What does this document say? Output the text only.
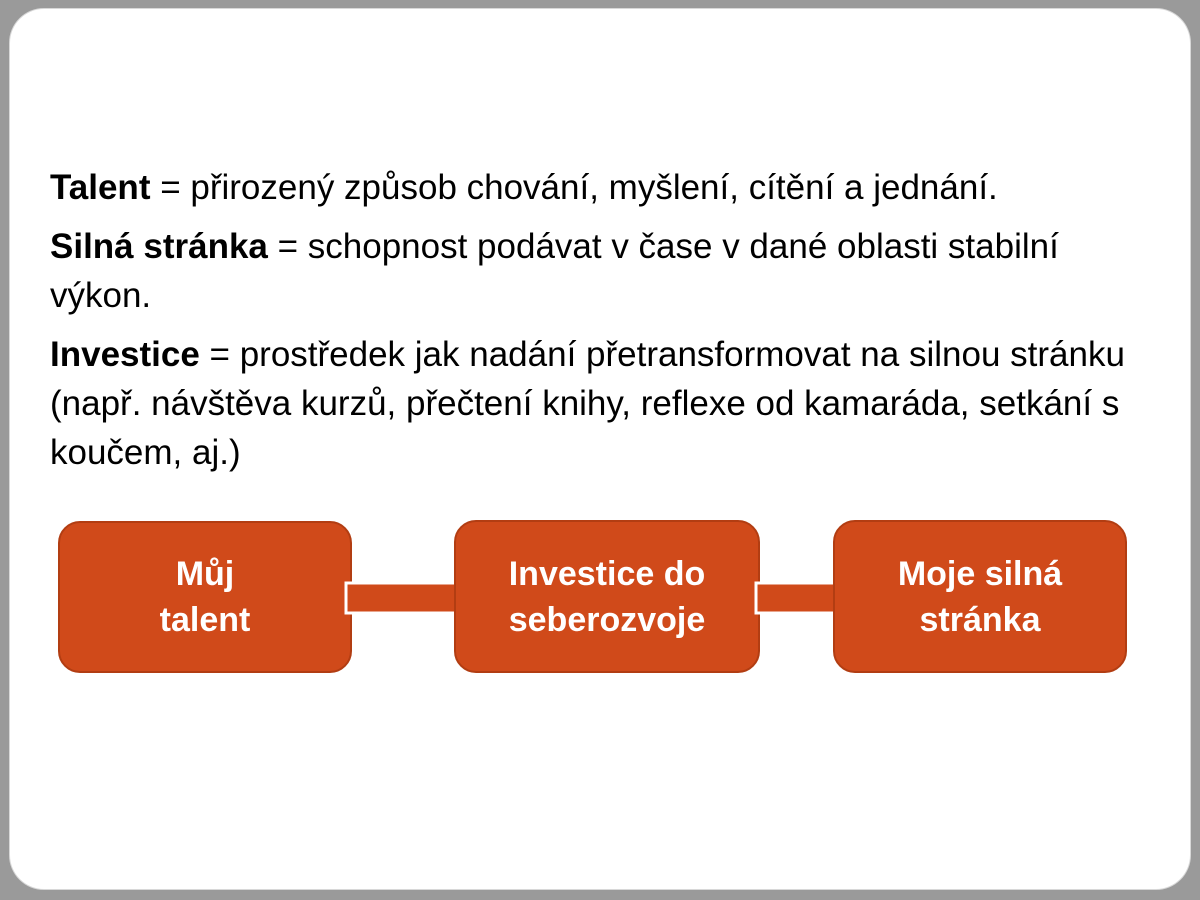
Talent = přirozený způsob chování, myšlení, cítění a jednání.

Silná stránka = schopnost podávat v čase v dané oblasti stabilní výkon.

Investice = prostředek jak nadání přetransformovat na silnou stránku (např. návštěva kurzů, přečtení knihy, reflexe od kamaráda, setkání s koučem, aj.)

Můj
talent
Investice do
seberozvoje
Moje silná
stránka
